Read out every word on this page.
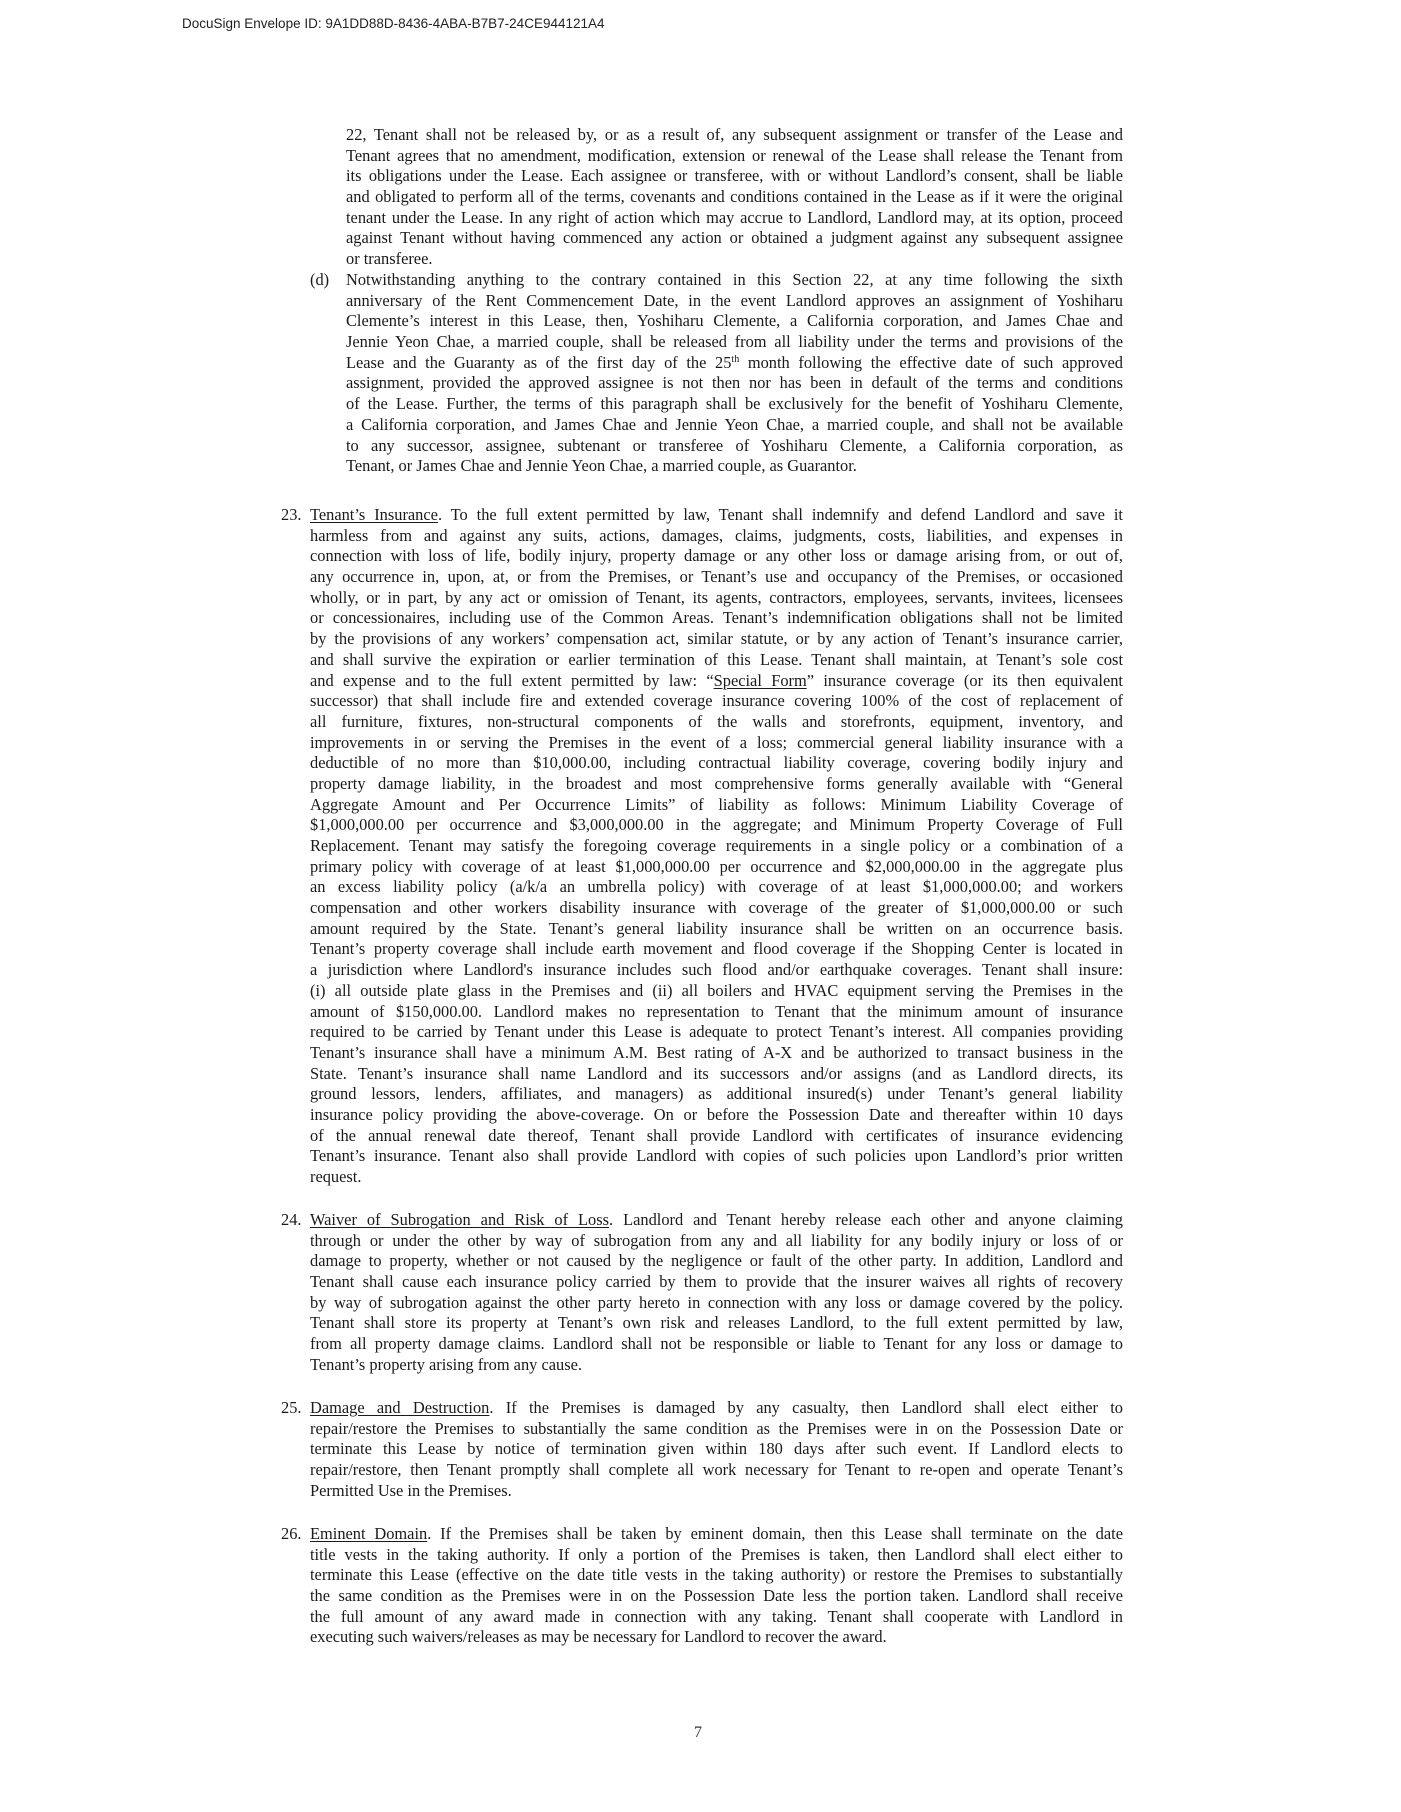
DocuSign Envelope ID: 9A1DD88D-8436-4ABA-B7B7-24CE944121A4
22, Tenant shall not be released by, or as a result of, any subsequent assignment or transfer of the Lease and
Tenant agrees that no amendment, modification, extension or renewal of the Lease shall release the Tenant from
its obligations under the Lease. Each assignee or transferee, with or without Landlord’s consent, shall be liable
and obligated to perform all of the terms, covenants and conditions contained in the Lease as if it were the original
tenant under the Lease. In any right of action which may accrue to Landlord, Landlord may, at its option, proceed
against Tenant without having commenced any action or obtained a judgment against any subsequent assignee
or transferee.
(d) Notwithstanding anything to the contrary contained in this Section 22, at any time following the sixth
anniversary of the Rent Commencement Date, in the event Landlord approves an assignment of Yoshiharu
Clemente’s interest in this Lease, then, Yoshiharu Clemente, a California corporation, and James Chae and
Jennie Yeon Chae, a married couple, shall be released from all liability under the terms and provisions of the
Lease and the Guaranty as of the first day of the 25th month following the effective date of such approved
assignment, provided the approved assignee is not then nor has been in default of the terms and conditions
of the Lease. Further, the terms of this paragraph shall be exclusively for the benefit of Yoshiharu Clemente,
a California corporation, and James Chae and Jennie Yeon Chae, a married couple, and shall not be available
to any successor, assignee, subtenant or transferee of Yoshiharu Clemente, a California corporation, as
Tenant, or James Chae and Jennie Yeon Chae, a married couple, as Guarantor.
23. Tenant’s Insurance. To the full extent permitted by law, Tenant shall indemnify and defend Landlord and save it
harmless from and against any suits, actions, damages, claims, judgments, costs, liabilities, and expenses in
connection with loss of life, bodily injury, property damage or any other loss or damage arising from, or out of,
any occurrence in, upon, at, or from the Premises, or Tenant’s use and occupancy of the Premises, or occasioned
wholly, or in part, by any act or omission of Tenant, its agents, contractors, employees, servants, invitees, licensees
or concessionaires, including use of the Common Areas. Tenant’s indemnification obligations shall not be limited
by the provisions of any workers’ compensation act, similar statute, or by any action of Tenant’s insurance carrier,
and shall survive the expiration or earlier termination of this Lease. Tenant shall maintain, at Tenant’s sole cost
and expense and to the full extent permitted by law: “Special Form” insurance coverage (or its then equivalent
successor) that shall include fire and extended coverage insurance covering 100% of the cost of replacement of
all furniture, fixtures, non-structural components of the walls and storefronts, equipment, inventory, and
improvements in or serving the Premises in the event of a loss; commercial general liability insurance with a
deductible of no more than $10,000.00, including contractual liability coverage, covering bodily injury and
property damage liability, in the broadest and most comprehensive forms generally available with “General
Aggregate Amount and Per Occurrence Limits” of liability as follows: Minimum Liability Coverage of
$1,000,000.00 per occurrence and $3,000,000.00 in the aggregate; and Minimum Property Coverage of Full
Replacement. Tenant may satisfy the foregoing coverage requirements in a single policy or a combination of a
primary policy with coverage of at least $1,000,000.00 per occurrence and $2,000,000.00 in the aggregate plus
an excess liability policy (a/k/a an umbrella policy) with coverage of at least $1,000,000.00; and workers
compensation and other workers disability insurance with coverage of the greater of $1,000,000.00 or such
amount required by the State. Tenant’s general liability insurance shall be written on an occurrence basis.
Tenant’s property coverage shall include earth movement and flood coverage if the Shopping Center is located in
a jurisdiction where Landlord's insurance includes such flood and/or earthquake coverages. Tenant shall insure:
(i) all outside plate glass in the Premises and (ii) all boilers and HVAC equipment serving the Premises in the
amount of $150,000.00. Landlord makes no representation to Tenant that the minimum amount of insurance
required to be carried by Tenant under this Lease is adequate to protect Tenant’s interest. All companies providing
Tenant’s insurance shall have a minimum A.M. Best rating of A-X and be authorized to transact business in the
State. Tenant’s insurance shall name Landlord and its successors and/or assigns (and as Landlord directs, its
ground lessors, lenders, affiliates, and managers) as additional insured(s) under Tenant’s general liability
insurance policy providing the above-coverage. On or before the Possession Date and thereafter within 10 days
of the annual renewal date thereof, Tenant shall provide Landlord with certificates of insurance evidencing
Tenant’s insurance. Tenant also shall provide Landlord with copies of such policies upon Landlord’s prior written
request.
24. Waiver of Subrogation and Risk of Loss. Landlord and Tenant hereby release each other and anyone claiming
through or under the other by way of subrogation from any and all liability for any bodily injury or loss of or
damage to property, whether or not caused by the negligence or fault of the other party. In addition, Landlord and
Tenant shall cause each insurance policy carried by them to provide that the insurer waives all rights of recovery
by way of subrogation against the other party hereto in connection with any loss or damage covered by the policy.
Tenant shall store its property at Tenant’s own risk and releases Landlord, to the full extent permitted by law,
from all property damage claims. Landlord shall not be responsible or liable to Tenant for any loss or damage to
Tenant’s property arising from any cause.
25. Damage and Destruction. If the Premises is damaged by any casualty, then Landlord shall elect either to
repair/restore the Premises to substantially the same condition as the Premises were in on the Possession Date or
terminate this Lease by notice of termination given within 180 days after such event. If Landlord elects to
repair/restore, then Tenant promptly shall complete all work necessary for Tenant to re-open and operate Tenant’s
Permitted Use in the Premises.
26. Eminent Domain. If the Premises shall be taken by eminent domain, then this Lease shall terminate on the date
title vests in the taking authority. If only a portion of the Premises is taken, then Landlord shall elect either to
terminate this Lease (effective on the date title vests in the taking authority) or restore the Premises to substantially
the same condition as the Premises were in on the Possession Date less the portion taken. Landlord shall receive
the full amount of any award made in connection with any taking. Tenant shall cooperate with Landlord in
executing such waivers/releases as may be necessary for Landlord to recover the award.
7
